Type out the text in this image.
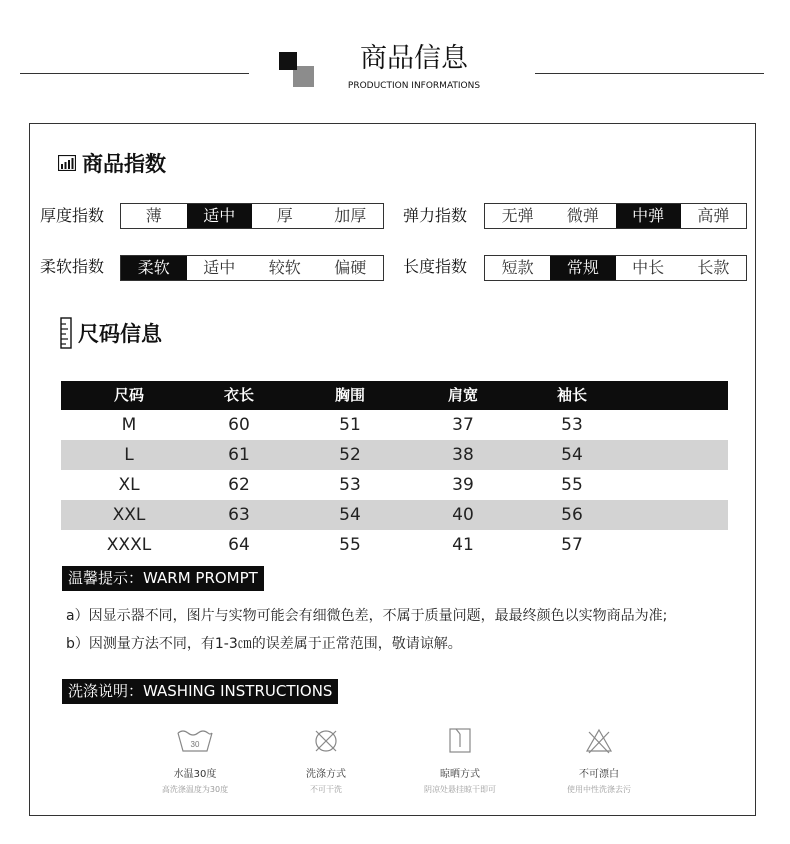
商品信息
PRODUCTION INFORMATIONS
商品指数
厚度指数	薄	适中	厚	加厚	弹力指数	无弹	微弹	中弹	高弹
柔软指数	柔软	适中	较软	偏硬	长度指数	短款	常规	中长	长款
尺码信息
尺码	衣长	胸围	肩宽	袖长
M	60	51	37	53
L	61	52	38	54
XL	62	53	39	55
XXL	63	54	40	56
XXXL	64	55	41	57
温馨提示：WARM PROMPT
a）因显示器不同，图片与实物可能会有细微色差，不属于质量问题，最最终颜色以实物商品为准;
b）因测量方法不同，有1-3㎝的误差属于正常范围，敬请谅解。
洗涤说明：WASHING INSTRUCTIONS
30
水温30度
高洗涤温度为30度
洗涤方式
不可干洗
晾晒方式
阴凉处悬挂晾干即可
不可漂白
使用中性洗涤去污
